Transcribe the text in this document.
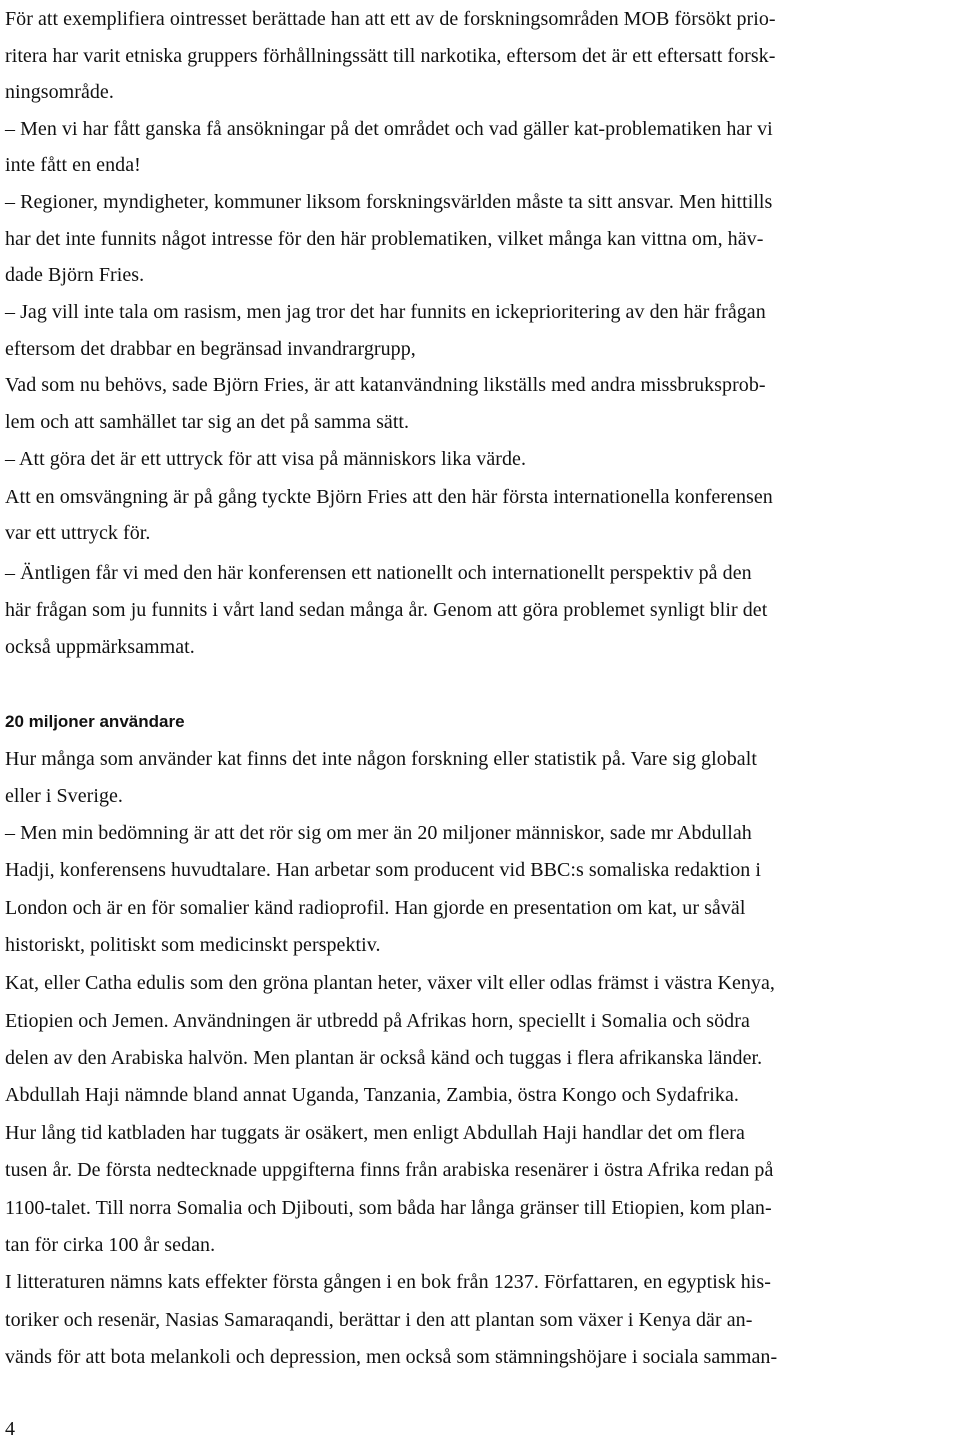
För att exemplifiera ointresset berättade han att ett av de forskningsområden MOB försökt prio-
ritera har varit etniska gruppers förhållningssätt till narkotika, eftersom det är ett eftersatt forsk-
ningsområde.
– Men vi har fått ganska få ansökningar på det området och vad gäller kat-problematiken har vi
inte fått en enda!
– Regioner, myndigheter, kommuner liksom forskningsvärlden måste ta sitt ansvar. Men hittills
har det inte funnits något intresse för den här problematiken, vilket många kan vittna om, häv-
dade Björn Fries.
– Jag vill inte tala om rasism, men jag tror det har funnits en ickeprioritering av den här frågan
eftersom det drabbar en begränsad invandrargrupp,
Vad som nu behövs, sade Björn Fries, är att katanvändning likställs med andra missbruksprob-
lem och att samhället tar sig an det på samma sätt.
– Att göra det är ett uttryck för att visa på människors lika värde.
Att en omsvängning är på gång tyckte Björn Fries att den här första internationella konferensen
var ett uttryck för.
– Äntligen får vi med den här konferensen ett nationellt och internationellt perspektiv på den
här frågan som ju funnits i vårt land sedan många år. Genom att göra problemet synligt blir det
också uppmärksammat.
20 miljoner användare
Hur många som använder kat finns det inte någon forskning eller statistik på. Vare sig globalt
eller i Sverige.
– Men min bedömning är att det rör sig om mer än 20 miljoner människor, sade mr Abdullah
Hadji, konferensens huvudtalare. Han arbetar som producent vid BBC:s somaliska redaktion i
London och är en för somalier känd radioprofil. Han gjorde en presentation om kat, ur såväl
historiskt, politiskt som medicinskt perspektiv.
Kat, eller Catha edulis som den gröna plantan heter, växer vilt eller odlas främst i västra Kenya,
Etiopien och Jemen. Användningen är utbredd på Afrikas horn, speciellt i Somalia och södra
delen av den Arabiska halvön. Men plantan är också känd och tuggas i flera afrikanska länder.
Abdullah Haji nämnde bland annat Uganda, Tanzania, Zambia, östra Kongo och Sydafrika.
Hur lång tid katbladen har tuggats är osäkert, men enligt Abdullah Haji handlar det om flera
tusen år. De första nedtecknade uppgifterna finns från arabiska resenärer i östra Afrika redan på
1100-talet. Till norra Somalia och Djibouti, som båda har långa gränser till Etiopien, kom plan-
tan för cirka 100 år sedan.
I litteraturen nämns kats effekter första gången i en bok från 1237. Författaren, en egyptisk his-
toriker och resenär, Nasias Samaraqandi, berättar i den att plantan som växer i Kenya där an-
vänds för att bota melankoli och depression, men också som stämningshöjare i sociala samman-
4
